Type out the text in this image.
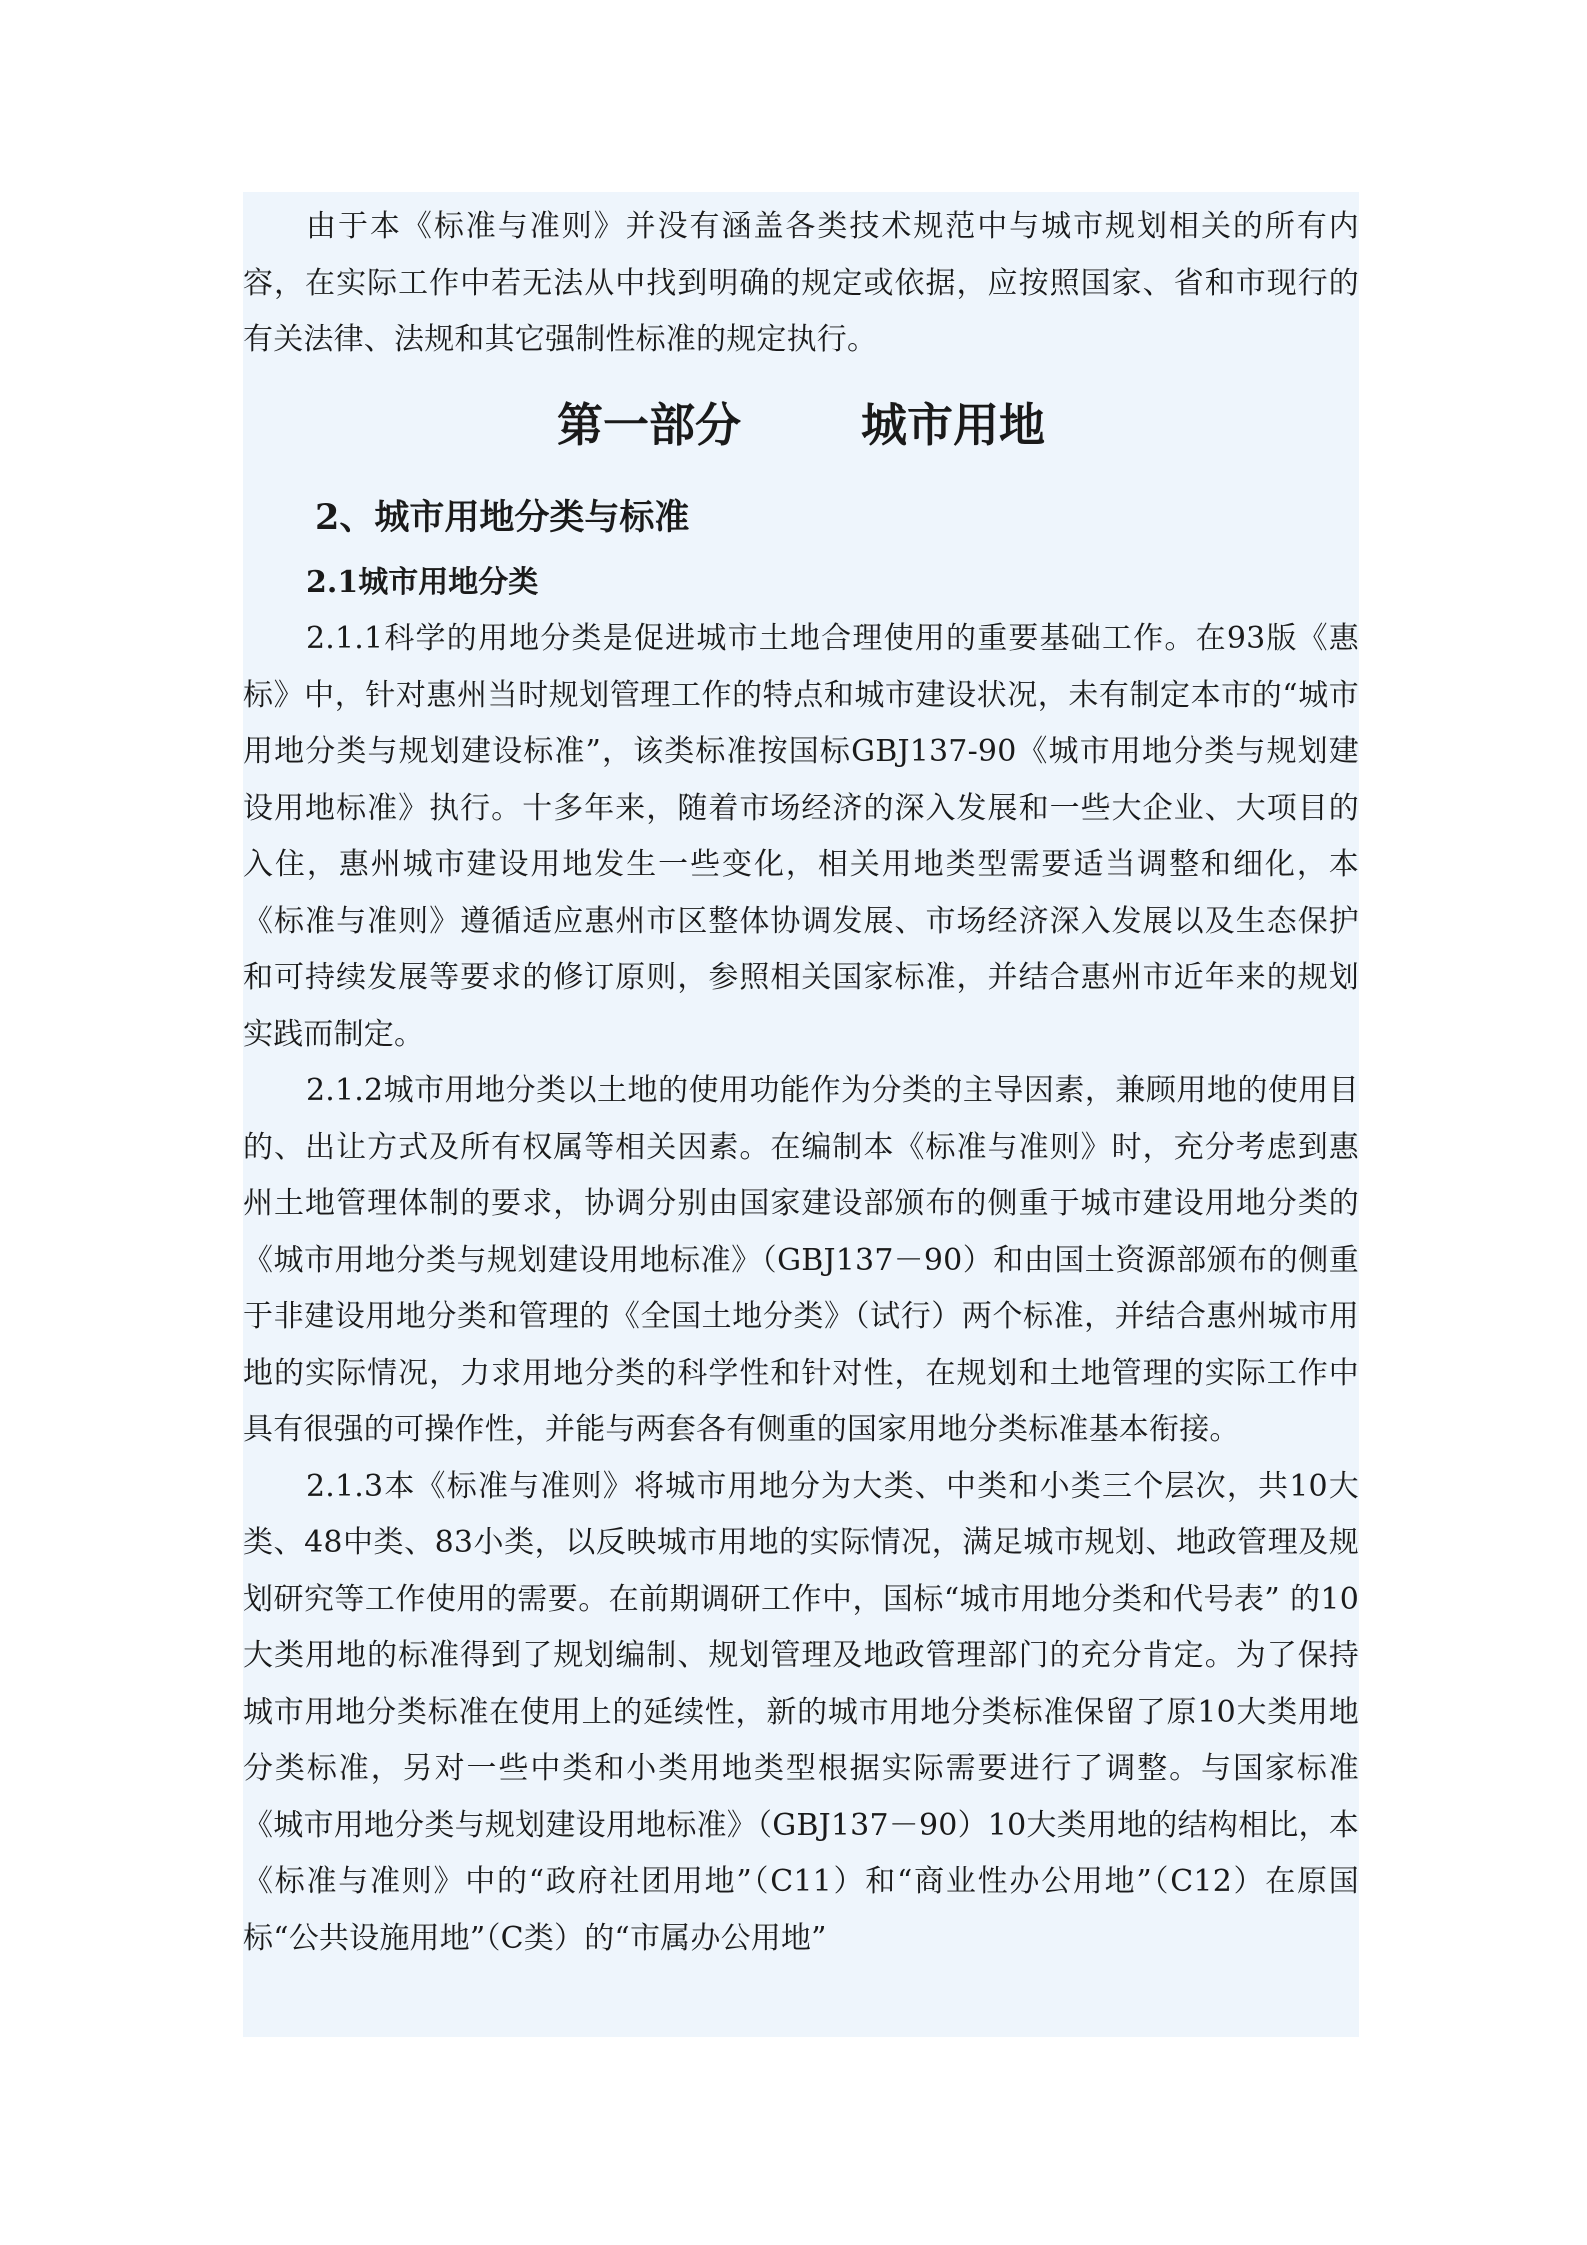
由于本《标准与准则》并没有涵盖各类技术规范中与城市规划相关的所有内容，在实际工作中若无法从中找到明确的规定或依据，应按照国家、省和市现行的有关法律、法规和其它强制性标准的规定执行。

第一部分	城市用地
2、城市用地分类与标准
2.1城市用地分类

2.1.1科学的用地分类是促进城市土地合理使用的重要基础工作。在93版《惠标》中，针对惠州当时规划管理工作的特点和城市建设状况，未有制定本市的“城市用地分类与规划建设标准”，该类标准按国标GBJ137-90《城市用地分类与规划建设用地标准》执行。十多年来，随着市场经济的深入发展和一些大企业、大项目的入住，惠州城市建设用地发生一些变化，相关用地类型需要适当调整和细化，本《标准与准则》遵循适应惠州市区整体协调发展、市场经济深入发展以及生态保护和可持续发展等要求的修订原则，参照相关国家标准，并结合惠州市近年来的规划实践而制定。

2.1.2城市用地分类以土地的使用功能作为分类的主导因素，兼顾用地的使用目的、出让方式及所有权属等相关因素。在编制本《标准与准则》时，充分考虑到惠州土地管理体制的要求，协调分别由国家建设部颁布的侧重于城市建设用地分类的《城市用地分类与规划建设用地标准》（GBJ137－90）和由国土资源部颁布的侧重于非建设用地分类和管理的《全国土地分类》（试行）两个标准，并结合惠州城市用地的实际情况，力求用地分类的科学性和针对性，在规划和土地管理的实际工作中具有很强的可操作性，并能与两套各有侧重的国家用地分类标准基本衔接。

2.1.3本《标准与准则》将城市用地分为大类、中类和小类三个层次，共10大类、48中类、83小类，以反映城市用地的实际情况，满足城市规划、地政管理及规划研究等工作使用的需要。在前期调研工作中，国标“城市用地分类和代号表” 的10大类用地的标准得到了规划编制、规划管理及地政管理部门的充分肯定。为了保持城市用地分类标准在使用上的延续性，新的城市用地分类标准保留了原10大类用地分类标准，另对一些中类和小类用地类型根据实际需要进行了调整。与国家标准《城市用地分类与规划建设用地标准》（GBJ137－90）10大类用地的结构相比，本《标准与准则》中的“政府社团用地”（C11）和“商业性办公用地”（C12）在原国标“公共设施用地”（C类）的“市属办公用地”
